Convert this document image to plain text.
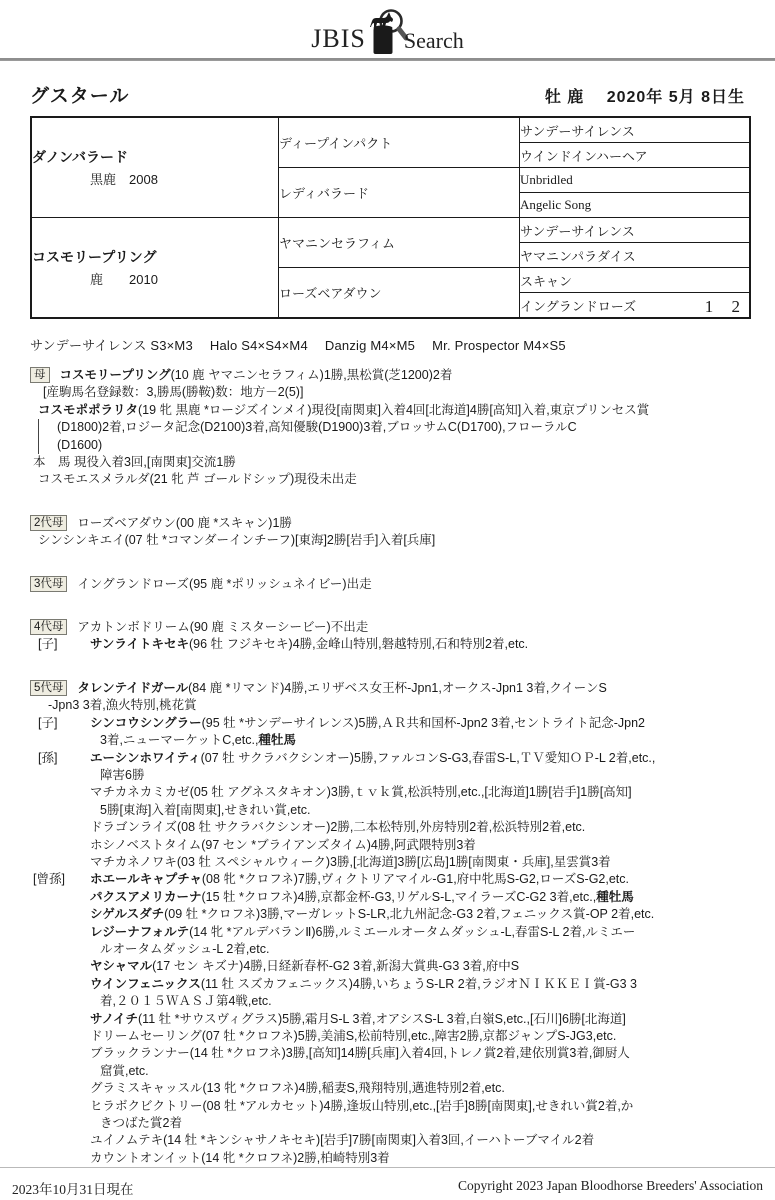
JBIS Search
グスタール	牡 鹿　 2020年 5月 8日生
ダノンバラード
黒鹿　2008	ディープインパクト	サンデーサイレンス
		ウインドインハーヘア
	レディバラード	Unbridled
		Angelic Song

コスモリープリング
鹿　　2010	ヤマニンセラフィム	サンデーサイレンス
		ヤマニンパラダイス
	ローズベアダウン	スキャン

		イングランドローズ 1 2
サンデーサイレンス S3×M3　 Halo S4×S4×M4　 Danzig M4×M5　 Mr. Prospector M4×S5
母 コスモリープリング(10 鹿 ヤマニンセラフィム)1勝,黒松賞(芝1200)2着
[産駒馬名登録数：3,勝馬(勝鞍)数：地方－2(5)]
コスモポポラリタ(19 牝 黒鹿 *ロージズインメイ)現役[南関東]入着4回[北海道]4勝[高知]入着,東京プリンセス賞
(D1800)2着,ロジータ記念(D2100)3着,高知優駿(D1900)3着,ブロッサムC(D1700),フローラルC
(D1600)
本　馬 現役入着3回,[南関東]交流1勝
コスモエスメラルダ(21 牝 芦 ゴールドシップ)現役未出走
2代母 ローズベアダウン(00 鹿 *スキャン)1勝
シンシンキエイ(07 牡 *コマンダーインチーフ)[東海]2勝[岩手]入着[兵庫]
3代母 イングランドローズ(95 鹿 *ポリッシュネイビー)出走
4代母 アカトンボドリーム(90 鹿 ミスターシービー)不出走
[子]	サンライトキセキ(96 牡 フジキセキ)4勝,金峰山特別,磐越特別,石和特別2着,etc.
5代母 タレンテイドガール(84 鹿 *リマンド)4勝,エリザベス女王杯-Jpn1,オークス-Jpn1 3着,クイーンS
-Jpn3 3着,漁火特別,桃花賞
[子]	シンコウシングラー(95 牡 *サンデーサイレンス)5勝,ＡＲ共和国杯-Jpn2 3着,セントライト記念-Jpn2
3着,ニューマーケットC,etc.,種牡馬
[孫]	エーシンホワイティ(07 牡 サクラバクシンオー)5勝,ファルコンS-G3,春雷S-L,ＴＶ愛知ＯＰ-L 2着,etc.,
障害6勝
マチカネカミカゼ(05 牡 アグネスタキオン)3勝,ｔｖｋ賞,松浜特別,etc.,[北海道]1勝[岩手]1勝[高知]
5勝[東海]入着[南関東],せきれい賞,etc.
ドラゴンライズ(08 牡 サクラバクシンオー)2勝,二本松特別,外房特別2着,松浜特別2着,etc.
ホシノベストタイム(97 セン *ブライアンズタイム)4勝,阿武隈特別3着
マチカネノワキ(03 牡 スペシャルウィーク)3勝,[北海道]3勝[広島]1勝[南関東・兵庫],星雲賞3着
[曾孫] ホエールキャプチャ(08 牝 *クロフネ)7勝,ヴィクトリアマイル-G1,府中牝馬S-G2,ローズS-G2,etc.
パクスアメリカーナ(15 牡 *クロフネ)4勝,京都金杯-G3,リゲルS-L,マイラーズC-G2 3着,etc.,種牡馬
シゲルスダチ(09 牡 *クロフネ)3勝,マーガレットS-LR,北九州記念-G3 2着,フェニックス賞-OP 2着,etc.
レジーナフォルテ(14 牝 *アルデバランⅡ)6勝,ルミエールオータムダッシュ-L,春雷S-L 2着,ルミエー
ルオータムダッシュ-L 2着,etc.
ヤシャマル(17 セン キズナ)4勝,日経新春杯-G2 3着,新潟大賞典-G3 3着,府中S
ウインフェニックス(11 牡 スズカフェニックス)4勝,いちょうS-LR 2着,ラジオＮＩＫＫＥＩ賞-G3 3
着,２０１５ＷＡＳＪ第4戦,etc.
サノイチ(11 牡 *サウスヴィグラス)5勝,霜月S-L 3着,オアシスS-L 3着,白嶺S,etc.,[石川]6勝[北海道]
ドリームセーリング(07 牡 *クロフネ)5勝,美浦S,松前特別,etc.,障害2勝,京都ジャンプS-JG3,etc.
ブラックランナー(14 牡 *クロフネ)3勝,[高知]14勝[兵庫]入着4回,トレノ賞2着,建依別賞3着,御厨人
窟賞,etc.
グラミスキャッスル(13 牝 *クロフネ)4勝,稲妻S,飛翔特別,邁進特別2着,etc.
ヒラボクビクトリー(08 牡 *アルカセット)4勝,逢坂山特別,etc.,[岩手]8勝[南関東],せきれい賞2着,か
きつばた賞2着
ユイノムテキ(14 牡 *キンシャサノキセキ)[岩手]7勝[南関東]入着3回,イーハトーブマイル2着
カウントオンイット(14 牝 *クロフネ)2勝,柏崎特別3着
2023年10月31日現在	Copyright 2023 Japan Bloodhorse Breeders' Association
